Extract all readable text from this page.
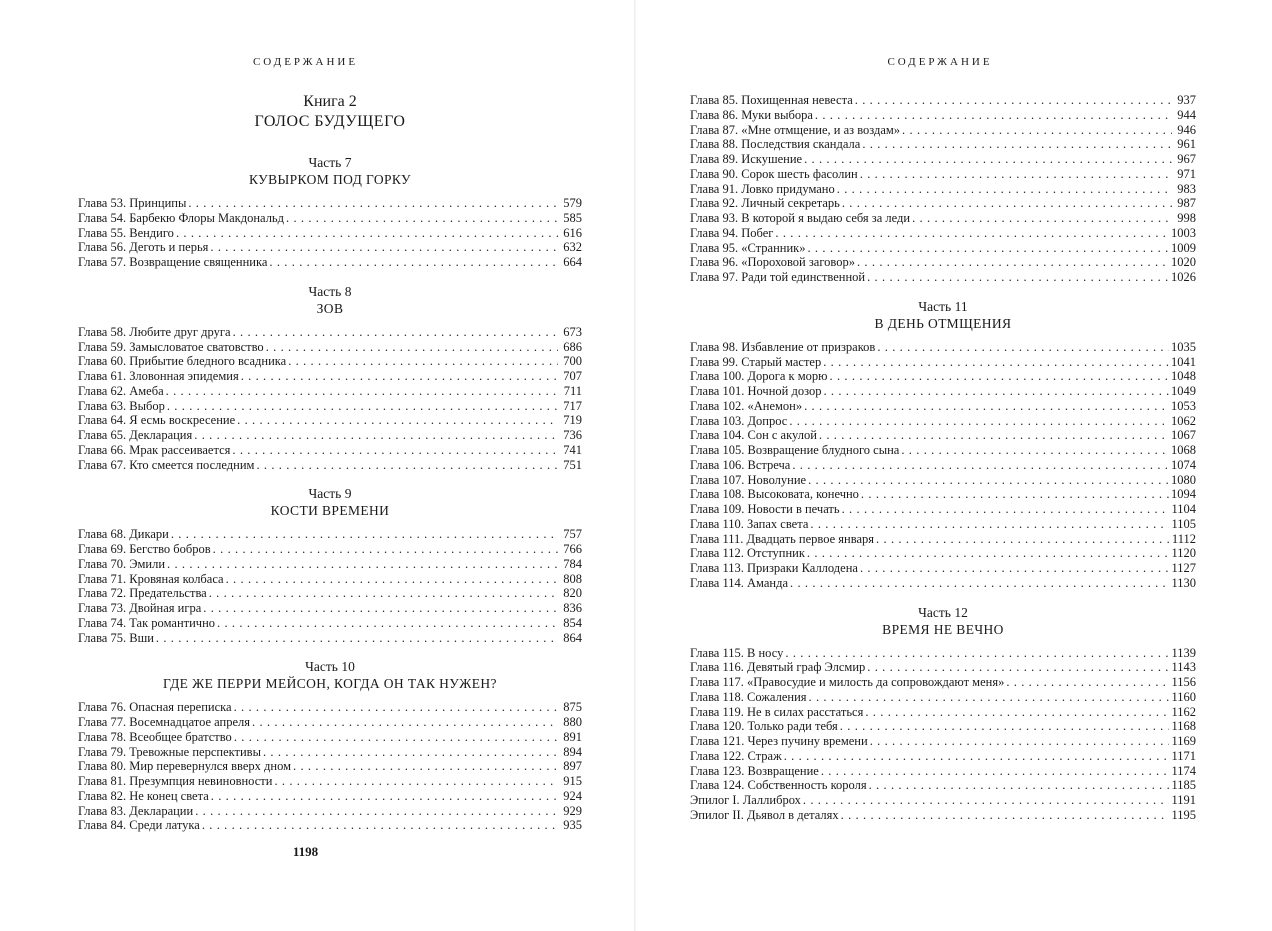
СОДЕРЖАНИЕ

Книга 2

ГОЛОС БУДУЩЕГО

Часть 7

КУВЫРКОМ ПОД ГОРКУ

Глава 53. Принципы . . .	579
Глава 54. Барбекю Флоры Макдональд . . .	585
Глава 55. Вендиго . . .	616
Глава 56. Деготь и перья . . .	632
Глава 57. Возвращение священника . . .	664

Часть 8

ЗОВ

Глава 58. Любите друг друга . . .	673
Глава 59. Замысловатое сватовство . . .	686
Глава 60. Прибытие бледного всадника . . .	700
Глава 61. Зловонная эпидемия . . .	707
Глава 62. Амеба . . .	711
Глава 63. Выбор . . .	717
Глава 64. Я есмь воскресение . . .	719
Глава 65. Декларация . . .	736
Глава 66. Мрак рассеивается . . .	741
Глава 67. Кто смеется последним . . .	751

Часть 9

КОСТИ ВРЕМЕНИ

Глава 68. Дикари . . .	757
Глава 69. Бегство бобров . . .	766
Глава 70. Эмили . . .	784
Глава 71. Кровяная колбаса . . .	808
Глава 72. Предательства . . .	820
Глава 73. Двойная игра . . .	836
Глава 74. Так романтично . . .	854
Глава 75. Вши . . .	864

Часть 10

ГДЕ ЖЕ ПЕРРИ МЕЙСОН, КОГДА ОН ТАК НУЖЕН?

Глава 76. Опасная переписка . . .	875
Глава 77. Восемнадцатое апреля . . .	880
Глава 78. Всеобщее братство . . .	891
Глава 79. Тревожные перспективы . . .	894
Глава 80. Мир перевернулся вверх дном . . .	897
Глава 81. Презумпция невиновности . . .	915
Глава 82. Не конец света . . .	924
Глава 83. Декларации . . .	929
Глава 84. Среди латука . . .	935
1198
СОДЕРЖАНИЕ
Глава 85. Похищенная невеста . . .	937
Глава 86. Муки выбора . . .	944
Глава 87. «Мне отмщение, и аз воздам» . . .	946
Глава 88. Последствия скандала . . .	961
Глава 89. Искушение . . .	967
Глава 90. Сорок шесть фасолин . . .	971
Глава 91. Ловко придумано . . .	983
Глава 92. Личный секретарь . . .	987
Глава 93. В которой я выдаю себя за леди . . .	998
Глава 94. Побег . . .	1003
Глава 95. «Странник» . . .	1009
Глава 96. «Пороховой заговор» . . .	1020
Глава 97. Ради той единственной . . .	1026

Часть 11

В ДЕНЬ ОТМЩЕНИЯ

Глава 98. Избавление от призраков . . .	1035
Глава 99. Старый мастер . . .	1041
Глава 100. Дорога к морю . . .	1048
Глава 101. Ночной дозор . . .	1049
Глава 102. «Анемон» . . .	1053
Глава 103. Допрос . . .	1062
Глава 104. Сон с акулой . . .	1067
Глава 105. Возвращение блудного сына . . .	1068
Глава 106. Встреча . . .	1074
Глава 107. Новолуние . . .	1080
Глава 108. Высоковата, конечно . . .	1094
Глава 109. Новости в печать . . .	1104
Глава 110. Запах света . . .	1105
Глава 111. Двадцать первое января . . .	1112
Глава 112. Отступник . . .	1120
Глава 113. Призраки Каллодена . . .	1127
Глава 114. Аманда . . .	1130

Часть 12

ВРЕМЯ НЕ ВЕЧНО

Глава 115. В носу . . .	1139
Глава 116. Девятый граф Элсмир . . .	1143
Глава 117. «Правосудие и милость да сопровождают меня» . . .	1156
Глава 118. Сожаления . . .	1160
Глава 119. Не в силах расстаться . . .	1162
Глава 120. Только ради тебя . . .	1168
Глава 121. Через пучину времени . . .	1169
Глава 122. Страж . . .	1171
Глава 123. Возвращение . . .	1174
Глава 124. Собственность короля . . .	1185
Эпилог I. Лаллиброх . . .	1191
Эпилог II. Дьявол в деталях . . .	1195
